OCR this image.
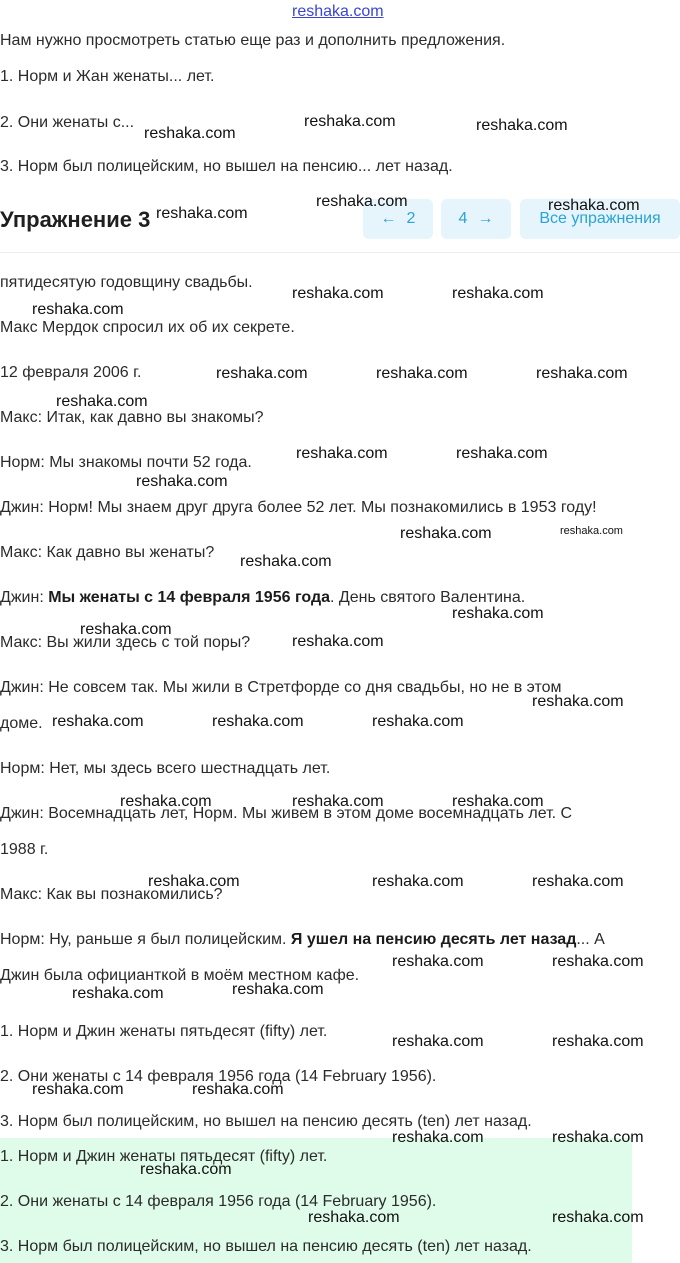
reshaka.com
Нам нужно просмотреть статью еще раз и дополнить предложения.
1. Норм и Жан женаты... лет.
2. Они женаты с...
3. Норм был полицейским, но вышел на пенсию... лет назад.
Упражнение 3	← 2	4 →	Все упражнения
пятидесятую годовщину свадьбы.
Макс Мердок спросил их об их секрете.
12 февраля 2006 г.
Макс: Итак, как давно вы знакомы?
Норм: Мы знакомы почти 52 года.
Джин: Норм! Мы знаем друг друга более 52 лет. Мы познакомились в 1953 году!
Макс: Как давно вы женаты?
Джин: Мы женаты с 14 февраля 1956 года. День святого Валентина.
Макс: Вы жили здесь с той поры?
Джин: Не совсем так. Мы жили в Стретфорде со дня свадьбы, но не в этом
доме.
Норм: Нет, мы здесь всего шестнадцать лет.
Джин: Восемнадцать лет, Норм. Мы живем в этом доме восемнадцать лет. С
1988 г.
Макс: Как вы познакомились?
Норм: Ну, раньше я был полицейским. Я ушел на пенсию десять лет назад... А
Джин была официанткой в моём местном кафе.
1. Норм и Джин женаты пятьдесят (fifty) лет.
2. Они женаты с 14 февраля 1956 года (14 February 1956).
3. Норм был полицейским, но вышел на пенсию десять (ten) лет назад.
1. Норм и Джин женаты пятьдесят (fifty) лет.
2. Они женаты с 14 февраля 1956 года (14 February 1956).
3. Норм был полицейским, но вышел на пенсию десять (ten) лет назад.
reshaka.com
reshaka.com	reshaka.com
reshaka.com
reshaka.com	reshaka.com
reshaka.com	reshaka.com
reshaka.com
reshaka.com	reshaka.com	reshaka.com
reshaka.com
reshaka.com	reshaka.com
reshaka.com
reshaka.com	reshaka.com
reshaka.com
reshaka.com
reshaka.com
reshaka.com
reshaka.com
reshaka.com	reshaka.com	reshaka.com
reshaka.com	reshaka.com	reshaka.com
reshaka.com	reshaka.com	reshaka.com
reshaka.com	reshaka.com
reshaka.com
reshaka.com
reshaka.com	reshaka.com
reshaka.com	reshaka.com
reshaka.com	reshaka.com
reshaka.com
reshaka.com	reshaka.com
